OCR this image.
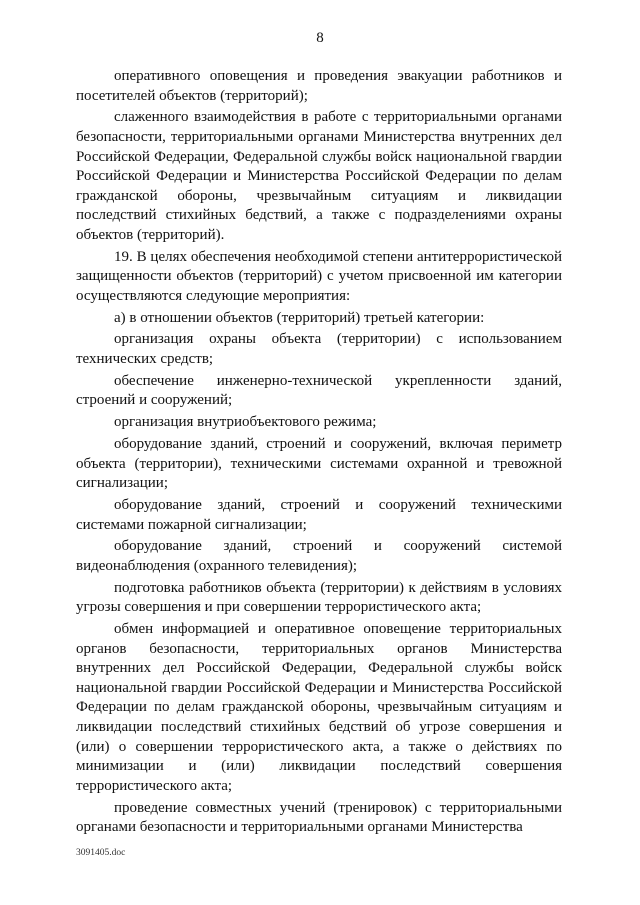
8

оперативного оповещения и проведения эвакуации работников и посетителей объектов (территорий);

слаженного взаимодействия в работе с территориальными органами безопасности, территориальными органами Министерства внутренних дел Российской Федерации, Федеральной службы войск национальной гвардии Российской Федерации и Министерства Российской Федерации по делам гражданской обороны, чрезвычайным ситуациям и ликвидации последствий стихийных бедствий, а также с подразделениями охраны объектов (территорий).

19. В целях обеспечения необходимой степени антитеррористической защищенности объектов (территорий) с учетом присвоенной им категории осуществляются следующие мероприятия:

а) в отношении объектов (территорий) третьей категории:

организация охраны объекта (территории) с использованием технических средств;

обеспечение инженерно-технической укрепленности зданий, строений и сооружений;

организация внутриобъектового режима;

оборудование зданий, строений и сооружений, включая периметр объекта (территории), техническими системами охранной и тревожной сигнализации;

оборудование зданий, строений и сооружений техническими системами пожарной сигнализации;

оборудование зданий, строений и сооружений системой видеонаблюдения (охранного телевидения);

подготовка работников объекта (территории) к действиям в условиях угрозы совершения и при совершении террористического акта;

обмен информацией и оперативное оповещение территориальных органов безопасности, территориальных органов Министерства внутренних дел Российской Федерации, Федеральной службы войск национальной гвардии Российской Федерации и Министерства Российской Федерации по делам гражданской обороны, чрезвычайным ситуациям и ликвидации последствий стихийных бедствий об угрозе совершения и (или) о совершении террористического акта, а также о действиях по минимизации и (или) ликвидации последствий совершения террористического акта;

проведение совместных учений (тренировок) с территориальными органами безопасности и территориальными органами Министерства

3091405.doc
